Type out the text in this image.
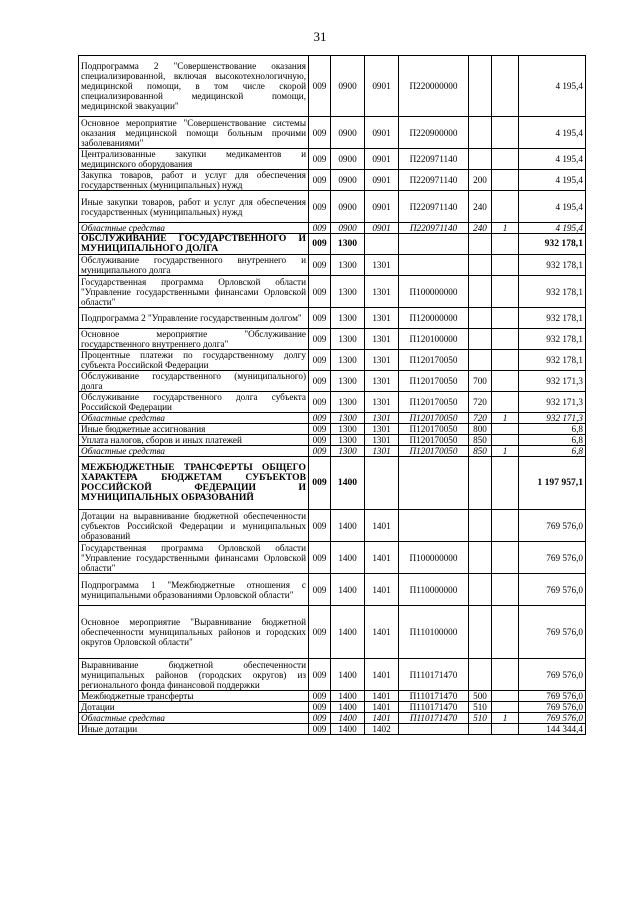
31
Подпрограмма 2 "Совершенствование оказания специализированной, включая высокотехнологичную, медицинской помощи, в том числе скорой специализированной медицинской помощи, медицинской эвакуации"	009	0900	0901	П220000000			4 195,4
Основное мероприятие "Совершенствование системы оказания медицинской помощи больным прочими заболеваниями"	009	0900	0901	П220900000			4 195,4
Централизованные закупки медикаментов и медицинского оборудования	009	0900	0901	П220971140			4 195,4
Закупка товаров, работ и услуг для обеспечения государственных (муниципальных) нужд	009	0900	0901	П220971140	200		4 195,4
Иные закупки товаров, работ и услуг для обеспечения государственных (муниципальных) нужд	009	0900	0901	П220971140	240		4 195,4
Областные средства	009	0900	0901	П220971140	240	1	4 195,4
ОБСЛУЖИВАНИЕ ГОСУДАРСТВЕННОГО И МУНИЦИПАЛЬНОГО ДОЛГА	009	1300					932 178,1
Обслуживание государственного внутреннего и муниципального долга	009	1300	1301				932 178,1
Государственная программа Орловской области "Управление государственными финансами Орловской области"	009	1300	1301	П100000000			932 178,1
Подпрограмма 2 "Управление государственным долгом"	009	1300	1301	П120000000			932 178,1
Основное мероприятие "Обслуживание государственного внутреннего долга"	009	1300	1301	П120100000			932 178,1
Процентные платежи по государственному долгу субъекта Российской Федерации	009	1300	1301	П120170050			932 178,1
Обслуживание государственного (муниципального) долга	009	1300	1301	П120170050	700		932 171,3
Обслуживание государственного долга субъекта Российской Федерации	009	1300	1301	П120170050	720		932 171,3
Областные средства	009	1300	1301	П120170050	720	1	932 171,3
Иные бюджетные ассигнования	009	1300	1301	П120170050	800		6,8
Уплата налогов, сборов и иных платежей	009	1300	1301	П120170050	850		6,8
Областные средства	009	1300	1301	П120170050	850	1	6,8
МЕЖБЮДЖЕТНЫЕ ТРАНСФЕРТЫ ОБЩЕГО ХАРАКТЕРА БЮДЖЕТАМ СУБЪЕКТОВ РОССИЙСКОЙ ФЕДЕРАЦИИ И МУНИЦИПАЛЬНЫХ ОБРАЗОВАНИЙ	009	1400					1 197 957,1
Дотации на выравнивание бюджетной обеспеченности субъектов Российской Федерации и муниципальных образований	009	1400	1401				769 576,0
Государственная программа Орловской области "Управление государственными финансами Орловской области"	009	1400	1401	П100000000			769 576,0
Подпрограмма 1 "Межбюджетные отношения с муниципальными образованиями Орловской области"	009	1400	1401	П110000000			769 576,0
Основное мероприятие "Выравнивание бюджетной обеспеченности муниципальных районов и городских округов Орловской области"	009	1400	1401	П110100000			769 576,0
Выравнивание бюджетной обеспеченности муниципальных районов (городских округов) из регионального фонда финансовой поддержки	009	1400	1401	П110171470			769 576,0
Межбюджетные трансферты	009	1400	1401	П110171470	500		769 576,0
Дотации	009	1400	1401	П110171470	510		769 576,0
Областные средства	009	1400	1401	П110171470	510	1	769 576,0
Иные дотации	009	1400	1402				144 344,4
